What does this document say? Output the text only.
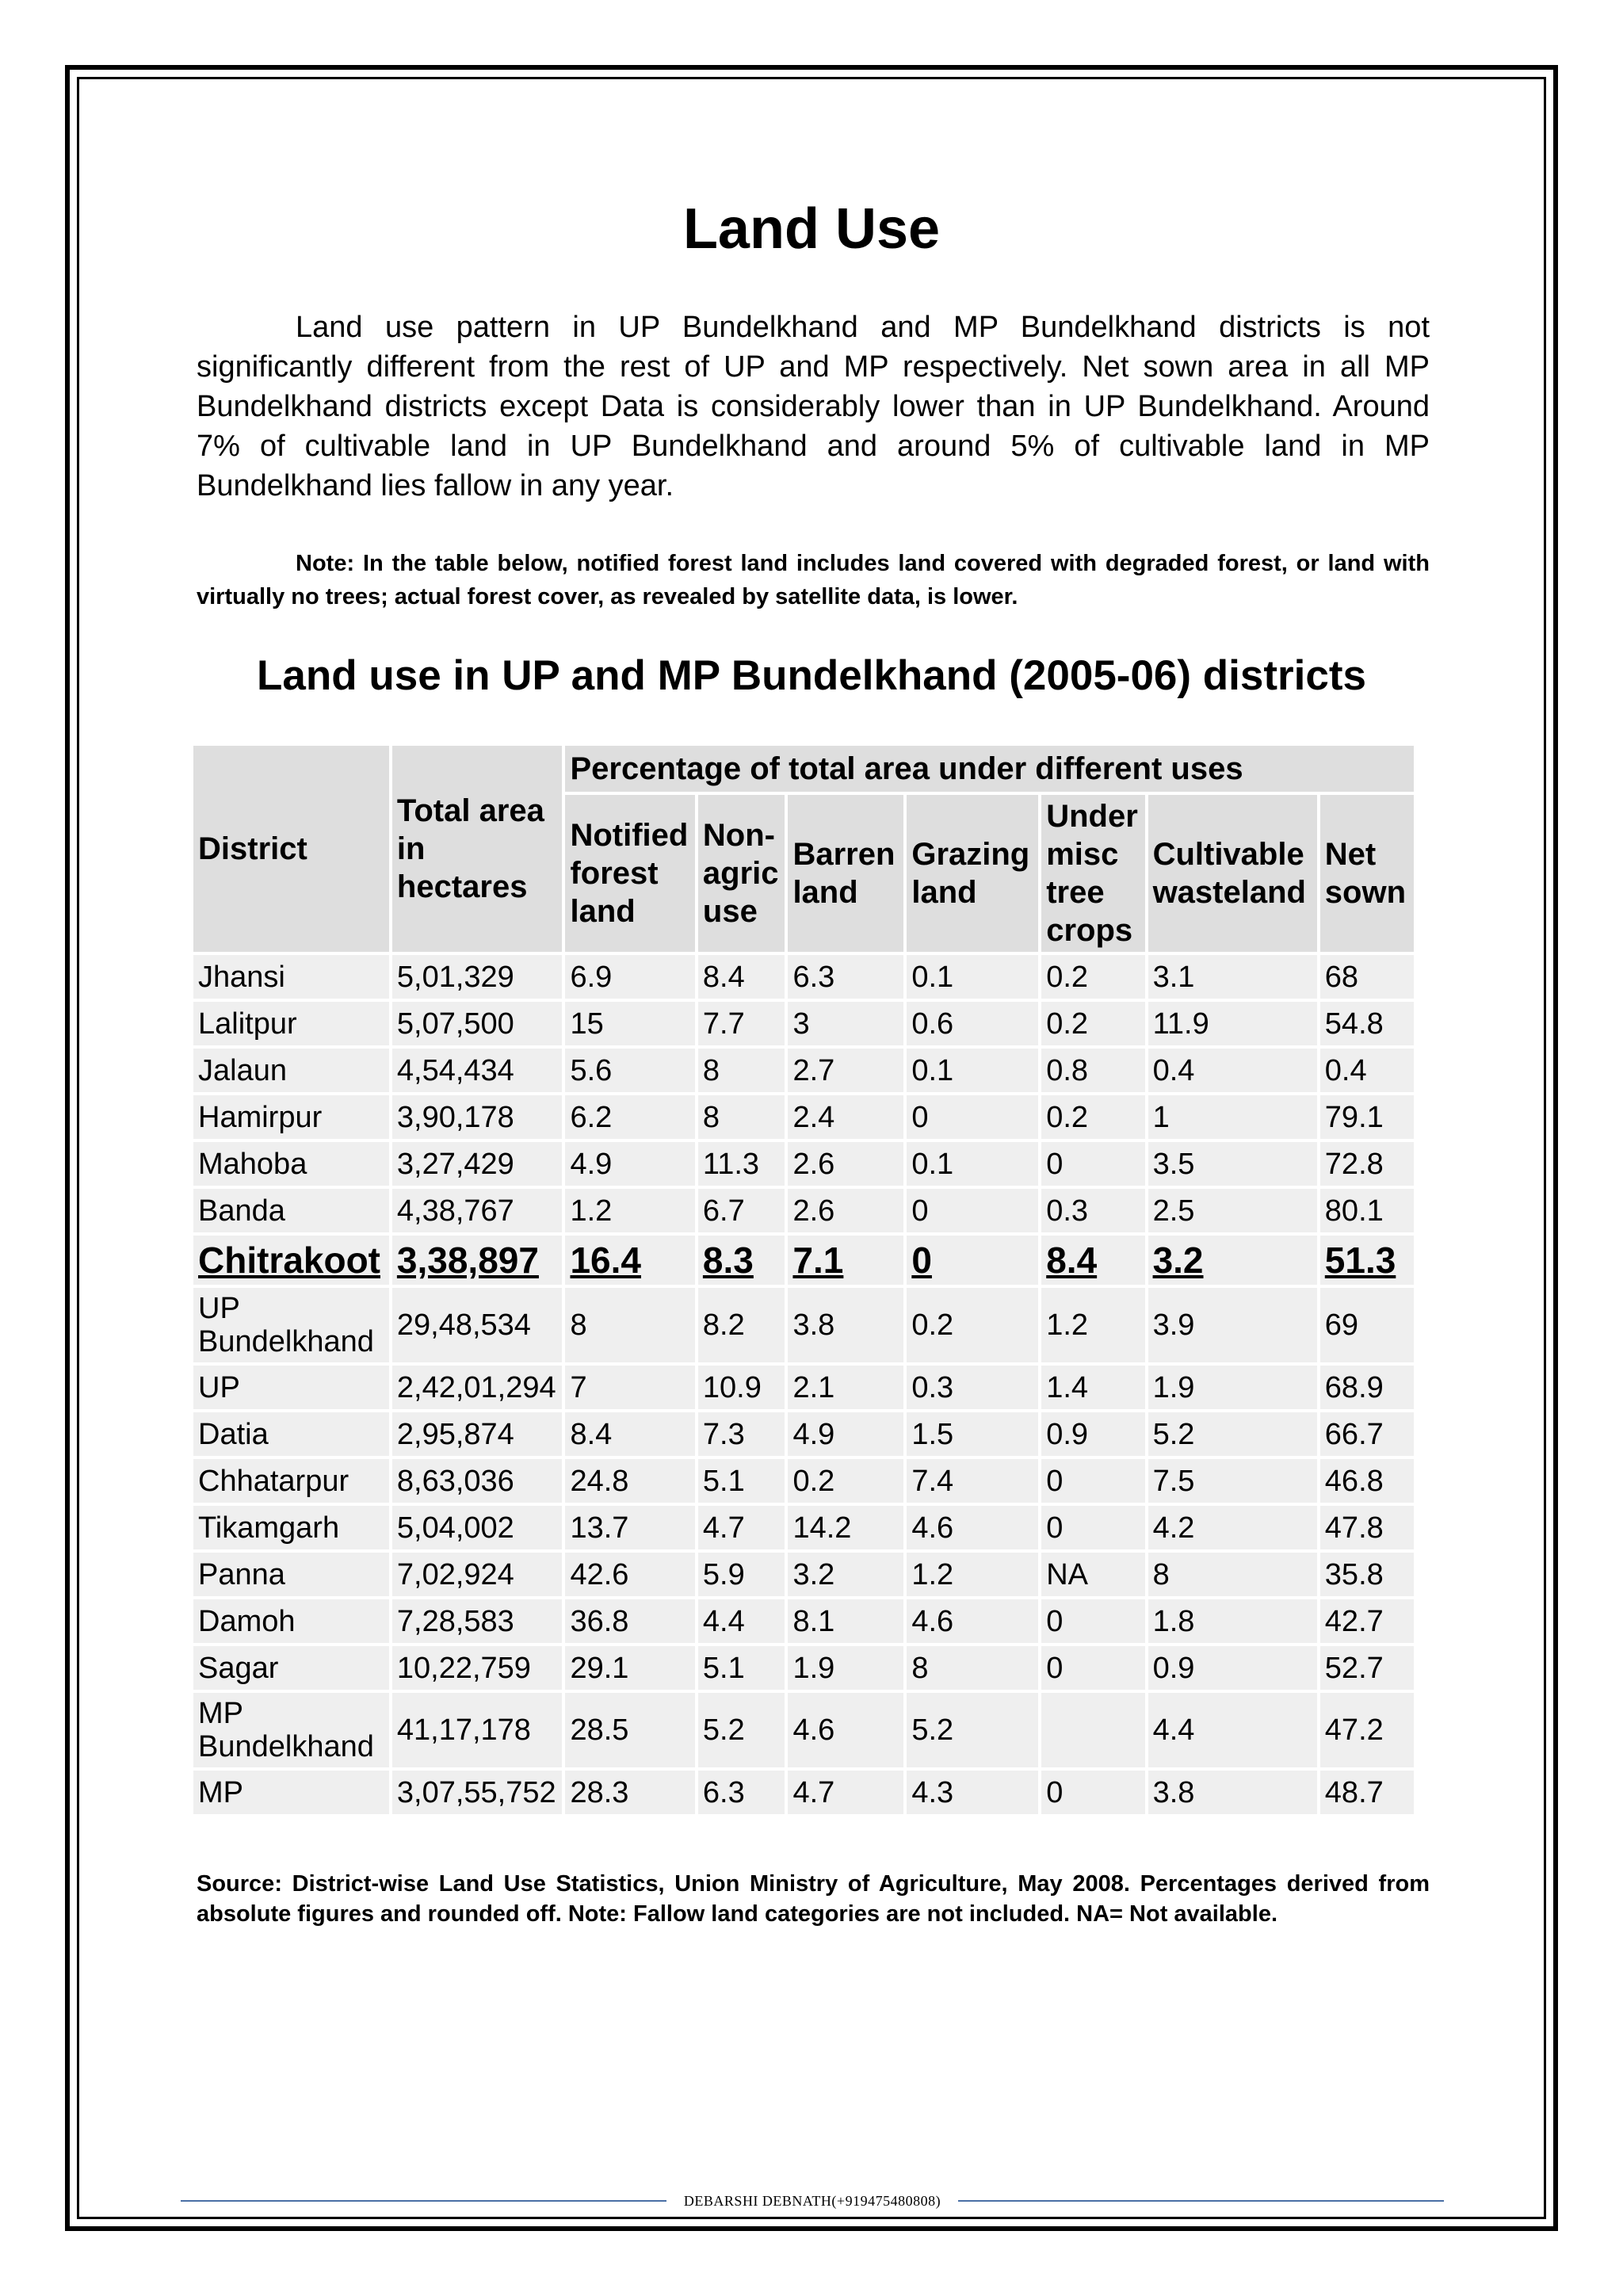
Land Use

Land use pattern in UP Bundelkhand and MP Bundelkhand districts is not significantly different from the rest of UP and MP respectively. Net sown area in all MP Bundelkhand districts except Data is considerably lower than in UP Bundelkhand. Around 7% of cultivable land in UP Bundelkhand and around 5% of cultivable land in MP Bundelkhand lies fallow in any year.

Note: In the table below, notified forest land includes land covered with degraded forest, or land with virtually no trees; actual forest cover, as revealed by satellite data, is lower.

Land use in UP and MP Bundelkhand (2005-06) districts
District	Total area in hectares	Percentage of total area under different uses						
		Notified forest land	Non-agric use	Barren land	Grazing land	Under misc tree crops	Cultivable wasteland	Net sown
Jhansi	5,01,329	6.9	8.4	6.3	0.1	0.2	3.1	68
Lalitpur	5,07,500	15	7.7	3	0.6	0.2	11.9	54.8
Jalaun	4,54,434	5.6	8	2.7	0.1	0.8	0.4	0.4
Hamirpur	3,90,178	6.2	8	2.4	0	0.2	1	79.1
Mahoba	3,27,429	4.9	11.3	2.6	0.1	0	3.5	72.8
Banda	4,38,767	1.2	6.7	2.6	0	0.3	2.5	80.1
Chitrakoot	3,38,897	16.4	8.3	7.1	0	8.4	3.2	51.3
UP Bundelkhand	29,48,534	8	8.2	3.8	0.2	1.2	3.9	69
UP	2,42,01,294	7	10.9	2.1	0.3	1.4	1.9	68.9
Datia	2,95,874	8.4	7.3	4.9	1.5	0.9	5.2	66.7
Chhatarpur	8,63,036	24.8	5.1	0.2	7.4	0	7.5	46.8
Tikamgarh	5,04,002	13.7	4.7	14.2	4.6	0	4.2	47.8
Panna	7,02,924	42.6	5.9	3.2	1.2	NA	8	35.8
Damoh	7,28,583	36.8	4.4	8.1	4.6	0	1.8	42.7
Sagar	10,22,759	29.1	5.1	1.9	8	0	0.9	52.7
MP Bundelkhand	41,17,178	28.5	5.2	4.6	5.2		4.4	47.2
MP	3,07,55,752	28.3	6.3	4.7	4.3	0	3.8	48.7

Source: District-wise Land Use Statistics, Union Ministry of Agriculture, May 2008. Percentages derived from absolute figures and rounded off. Note: Fallow land categories are not included. NA= Not available.

DEBARSHI DEBNATH(+919475480808)
